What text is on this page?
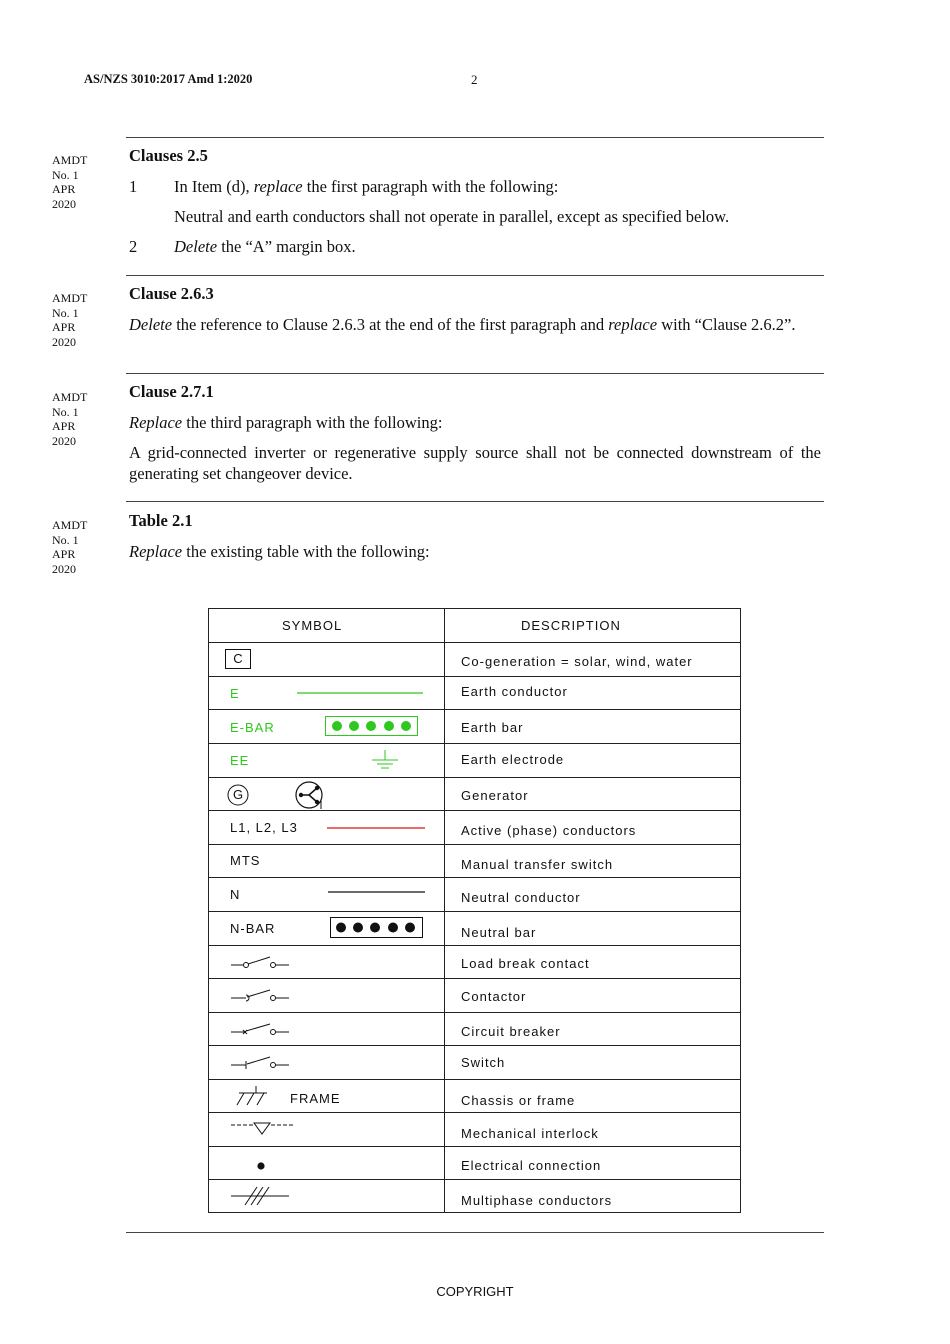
AS/NZS 3010:2017 Amd 1:2020	2
AMDT
No. 1
APR
2020
Clauses 2.5
1 In Item (d), replace the first paragraph with the following:
Neutral and earth conductors shall not operate in parallel, except as specified below.
2 Delete the “A” margin box.
AMDT
No. 1
APR
2020
Clause 2.6.3
Delete the reference to Clause 2.6.3 at the end of the first paragraph and replace with “Clause 2.6.2”.
AMDT
No. 1
APR
2020
Clause 2.7.1
Replace the third paragraph with the following:
A grid-connected inverter or regenerative supply source shall not be connected downstream of the generating set changeover device.
AMDT
No. 1
APR
2020
Table 2.1
Replace the existing table with the following:
SYMBOL	DESCRIPTION
C	Co-generation = solar, wind, water
E	Earth conductor
E-BAR	Earth bar
EE	Earth electrode
G	Generator
L1, L2, L3	Active (phase) conductors
MTS	Manual transfer switch
N	Neutral conductor
N-BAR	Neutral bar
Load break contact
Contactor
Circuit breaker
Switch
FRAME	Chassis or frame
Mechanical interlock
Electrical connection
Multiphase conductors
COPYRIGHT
